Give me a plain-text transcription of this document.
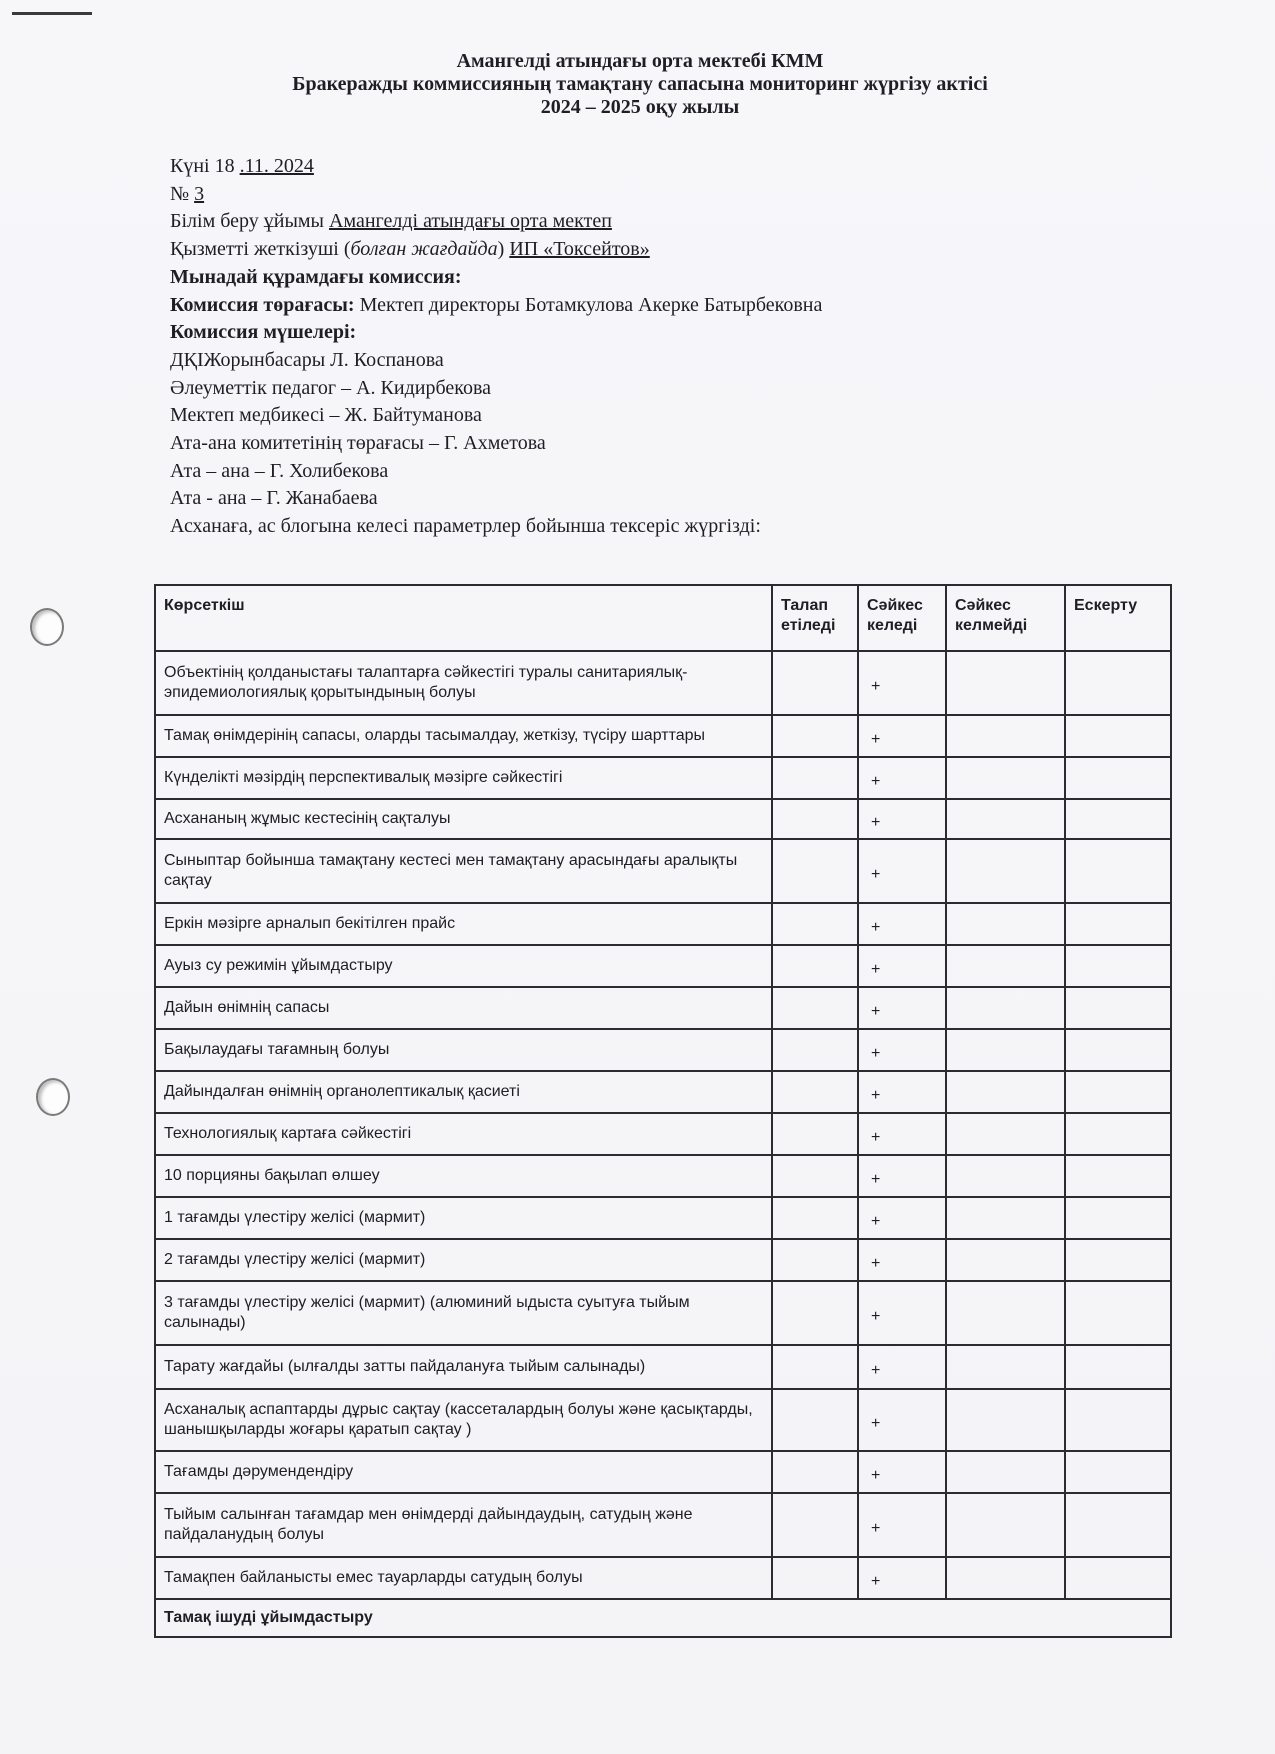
Амангелді атындағы орта мектебі КММ
Бракеражды коммиссияның тамақтану сапасына мониторинг жүргізу актісі
2024 – 2025 оқу жылы
Күні 18 .11. 2024
№ 3
Білім беру ұйымы Амангелді атындағы орта мектеп
Қызметті жеткізуші (болған жағдайда) ИП «Токсейтов»
Мынадай құрамдағы комиссия:
Комиссия төрағасы: Мектеп директоры Ботамкулова Акерке Батырбековна
Комиссия мүшелері:
ДҚІЖорынбасары Л. Коспанова
Әлеуметтік педагог – А. Кидирбекова
Мектеп медбикесі – Ж. Байтуманова
Ата-ана комитетінің төрағасы – Г. Ахметова
Ата – ана – Г. Холибекова
Ата - ана – Г. Жанабаева
Асханаға, ас блогына келесі параметрлер бойынша тексеріс жүргізді:
Көрсеткіш	Талап етіледі	Сәйкес келеді	Сәйкес келмейді	Ескерту
Объектінің қолданыстағы талаптарға сәйкестігі туралы санитариялық-эпидемиологиялық қорытындының болуы		+		
Тамақ өнімдерінің сапасы, оларды тасымалдау, жеткізу, түсіру шарттары		+		
Күнделікті мәзірдің перспективалық мәзірге сәйкестігі		+		
Асхананың жұмыс кестесінің сақталуы		+		
Сыныптар бойынша тамақтану кестесі мен тамақтану арасындағы аралықты сақтау		+		
Еркін мәзірге арналып бекітілген прайс		+		
Ауыз су режимін ұйымдастыру		+		
Дайын өнімнің сапасы		+		
Бақылаудағы тағамның болуы		+		
Дайындалған өнімнің органолептикалық қасиеті		+		
Технологиялық картаға сәйкестігі		+		
10 порцияны бақылап өлшеу		+		
1 тағамды үлестіру желісі (мармит)		+		
2 тағамды үлестіру желісі (мармит)		+		
3 тағамды үлестіру желісі (мармит) (алюминий ыдыста суытуға тыйым салынады)		+		
Тарату жағдайы (ылғалды затты пайдалануға тыйым салынады)		+		
Асханалық аспаптарды дұрыс сақтау (кассеталардың болуы және қасықтарды, шанышқыларды жоғары қаратып сақтау )		+		
Тағамды дәрумендендіру		+		
Тыйым салынған тағамдар мен өнімдерді дайындаудың, сатудың және пайдаланудың болуы		+		
Тамақпен байланысты емес тауарларды сатудың болуы		+		
Тамақ ішуді ұйымдастыру				
